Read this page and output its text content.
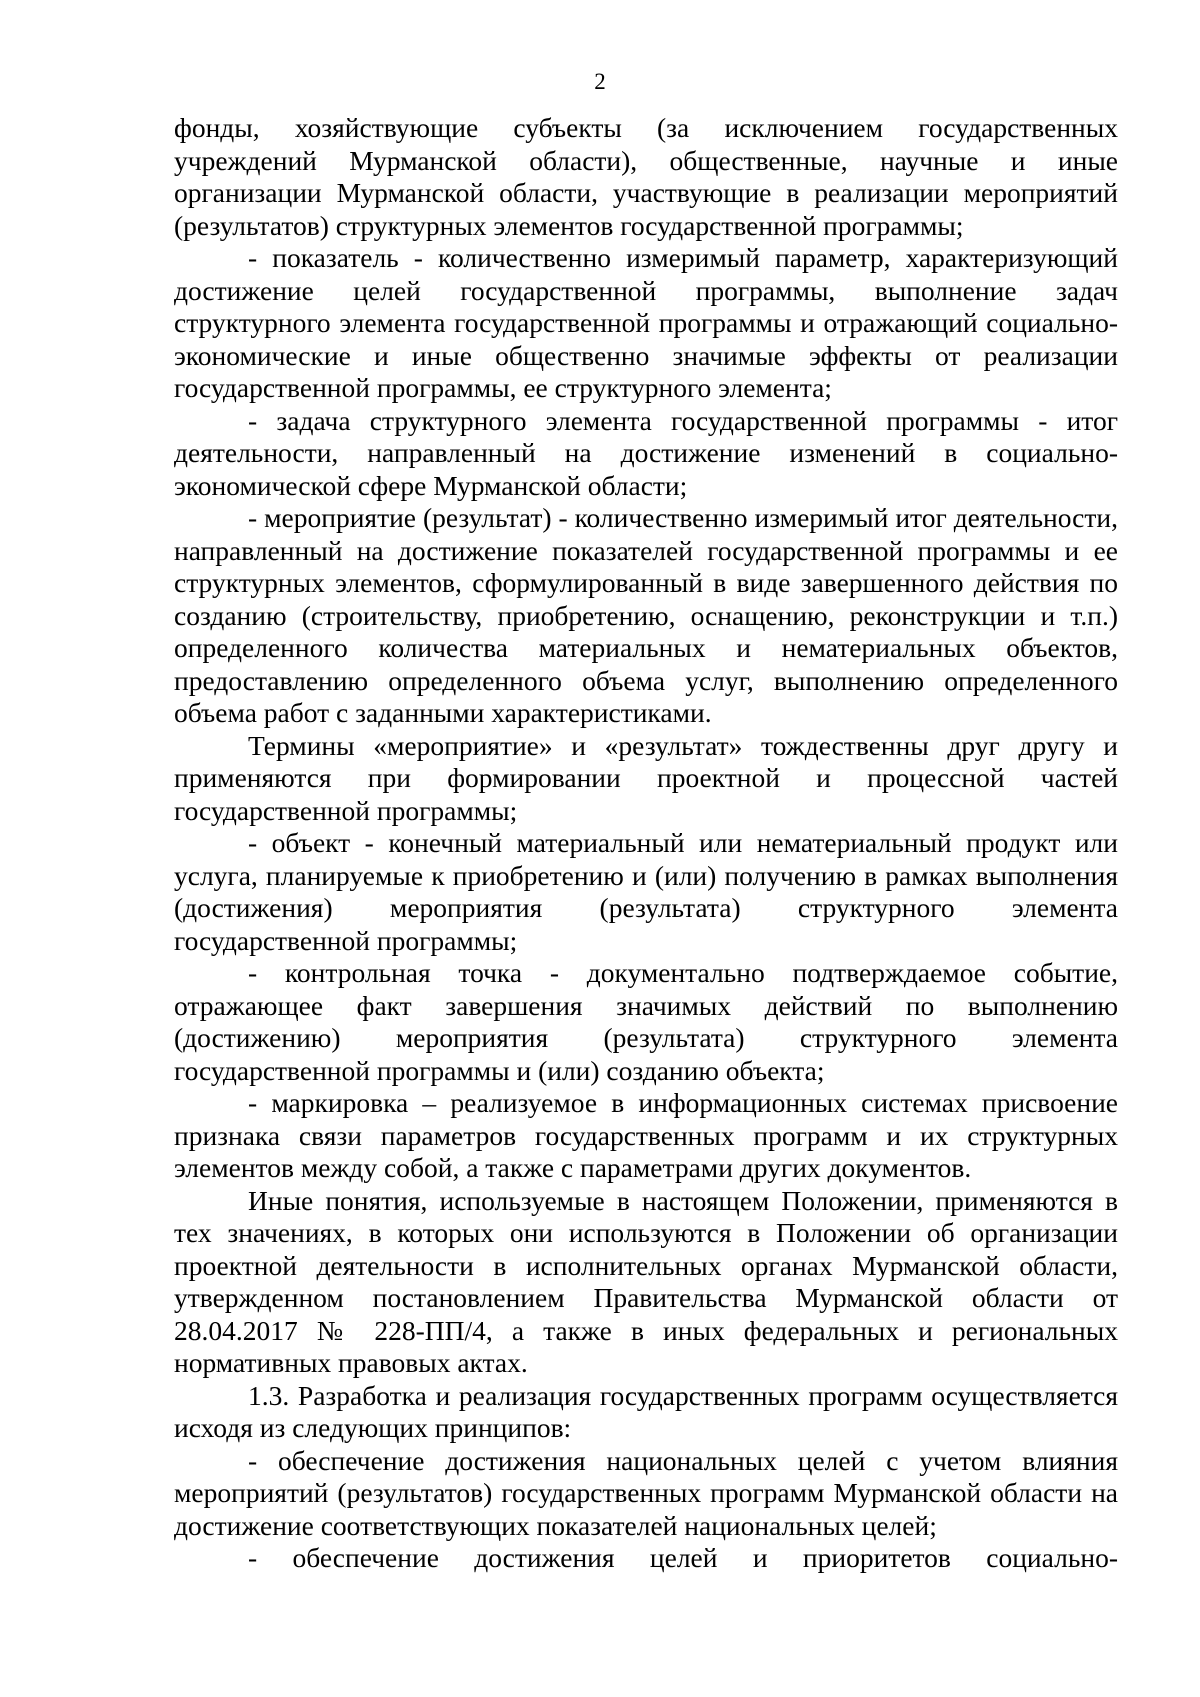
2

фонды, хозяйствующие субъекты (за исключением государственных учреждений Мурманской области), общественные, научные и иные организации Мурманской области, участвующие в реализации мероприятий (результатов) структурных элементов государственной программы;

- показатель - количественно измеримый параметр, характеризующий достижение целей государственной программы, выполнение задач структурного элемента государственной программы и отражающий социально-экономические и иные общественно значимые эффекты от реализации государственной программы, ее структурного элемента;

- задача структурного элемента государственной программы - итог деятельности, направленный на достижение изменений в социально-экономической сфере Мурманской области;

- мероприятие (результат) - количественно измеримый итог деятельности, направленный на достижение показателей государственной программы и ее структурных элементов, сформулированный в виде завершенного действия по созданию (строительству, приобретению, оснащению, реконструкции и т.п.) определенного количества материальных и нематериальных объектов, предоставлению определенного объема услуг, выполнению определенного объема работ с заданными характеристиками.

Термины «мероприятие» и «результат» тождественны друг другу и применяются при формировании проектной и процессной частей государственной программы;

- объект - конечный материальный или нематериальный продукт или услуга, планируемые к приобретению и (или) получению в рамках выполнения (достижения) мероприятия (результата) структурного элемента государственной программы;

- контрольная точка - документально подтверждаемое событие, отражающее факт завершения значимых действий по выполнению (достижению) мероприятия (результата) структурного элемента государственной программы и (или) созданию объекта;

- маркировка – реализуемое в информационных системах присвоение признака связи параметров государственных программ и их структурных элементов между собой, а также с параметрами других документов.

Иные понятия, используемые в настоящем Положении, применяются в тех значениях, в которых они используются в Положении об организации проектной деятельности в исполнительных органах Мурманской области, утвержденном постановлением Правительства Мурманской области от 28.04.2017 № 228-ПП/4, а также в иных федеральных и региональных нормативных правовых актах.

1.3. Разработка и реализация государственных программ осуществляется исходя из следующих принципов:

- обеспечение достижения национальных целей с учетом влияния мероприятий (результатов) государственных программ Мурманской области на достижение соответствующих показателей национальных целей;

- обеспечение достижения целей и приоритетов социально-
